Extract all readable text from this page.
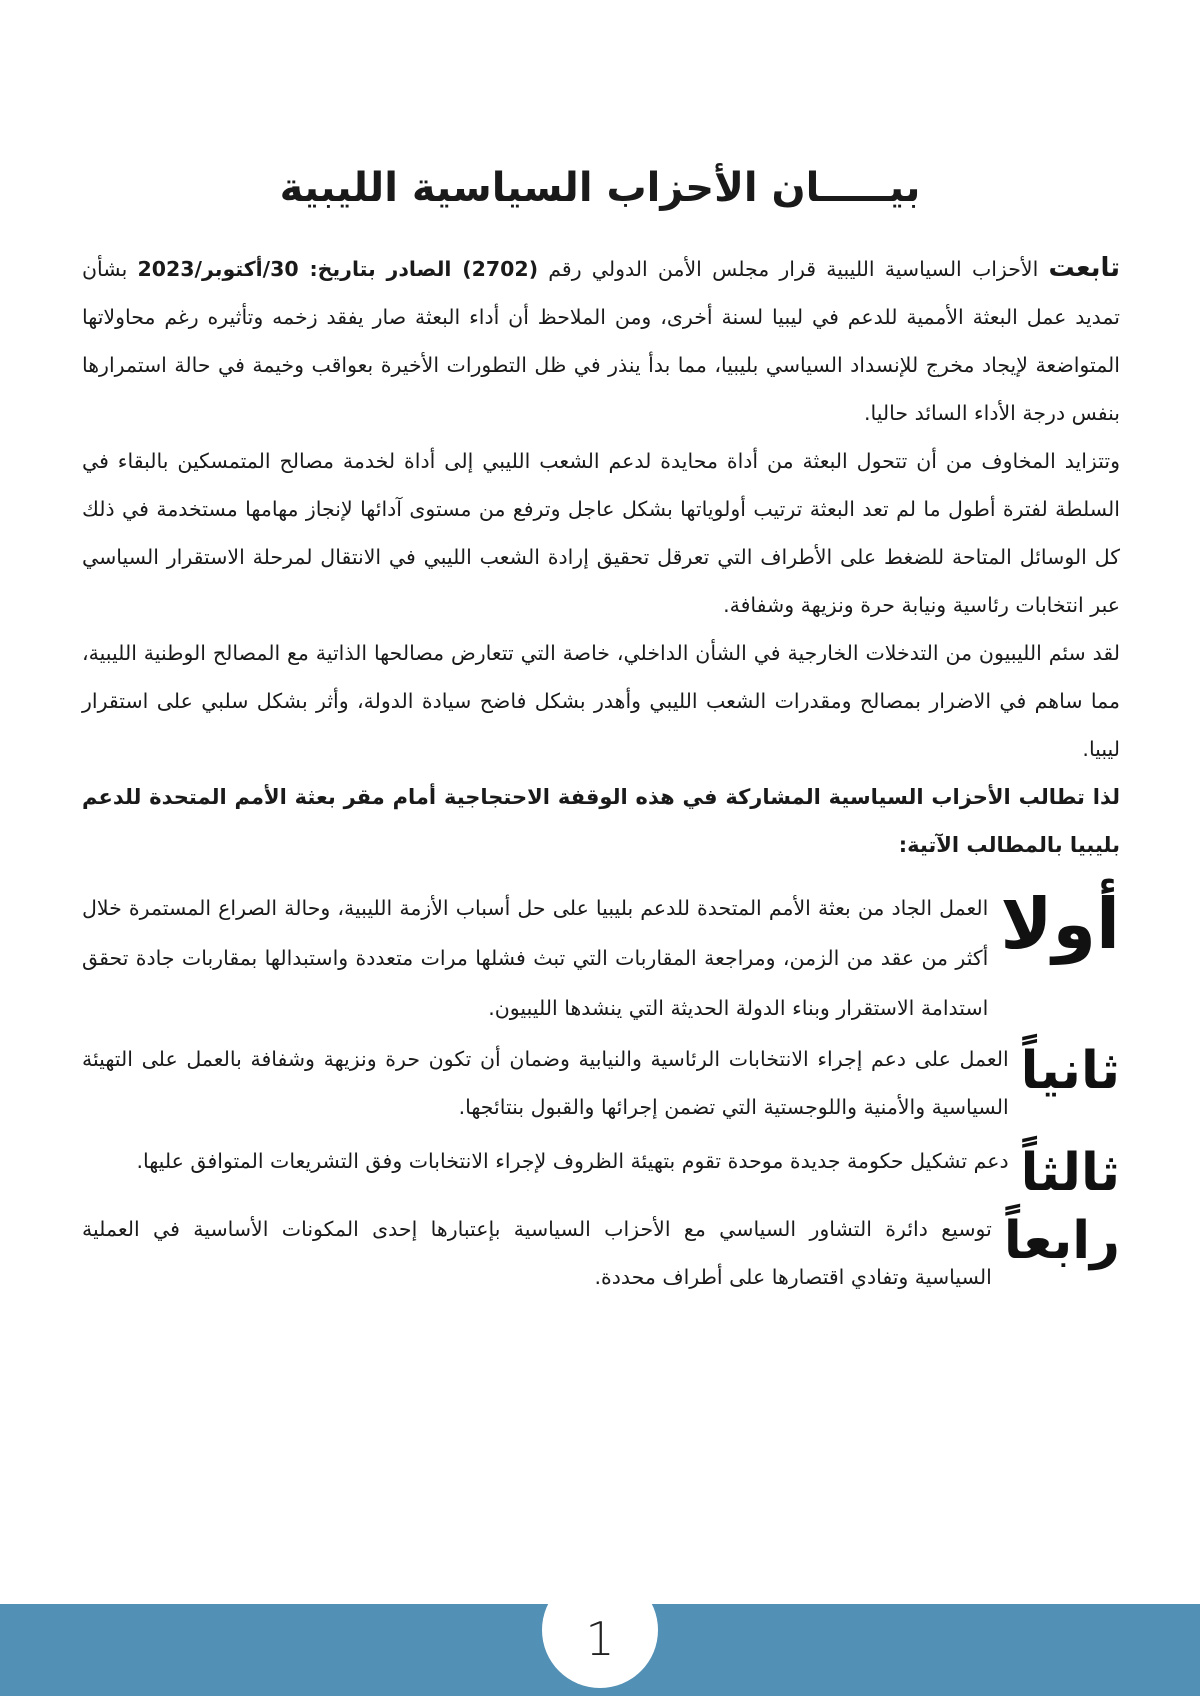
بيـــــان الأحزاب السياسية الليبية

تابعت الأحزاب السياسية الليبية قرار مجلس الأمن الدولي رقم (2702) الصادر بتاريخ: 30/أكتوبر/2023 بشأن تمديد عمل البعثة الأممية للدعم في ليبيا لسنة أخرى، ومن الملاحظ أن أداء البعثة صار يفقد زخمه وتأثيره رغم محاولاتها المتواضعة لإيجاد مخرج للإنسداد السياسي بليبيا، مما بدأ ينذر في ظل التطورات الأخيرة بعواقب وخيمة في حالة استمرارها بنفس درجة الأداء السائد حاليا.

وتتزايد المخاوف من أن تتحول البعثة من أداة محايدة لدعم الشعب الليبي إلى أداة لخدمة مصالح المتمسكين بالبقاء في السلطة لفترة أطول ما لم تعد البعثة ترتيب أولوياتها بشكل عاجل وترفع من مستوى آدائها لإنجاز مهامها مستخدمة في ذلك كل الوسائل المتاحة للضغط على الأطراف التي تعرقل تحقيق إرادة الشعب الليبي في الانتقال لمرحلة الاستقرار السياسي عبر انتخابات رئاسية ونيابة حرة ونزيهة وشفافة.

لقد سئم الليبيون من التدخلات الخارجية في الشأن الداخلي، خاصة التي تتعارض مصالحها الذاتية مع المصالح الوطنية الليبية، مما ساهم في الاضرار بمصالح ومقدرات الشعب الليبي وأهدر بشكل فاضح سيادة الدولة، وأثر بشكل سلبي على استقرار ليبيا.

لذا تطالب الأحزاب السياسية المشاركة في هذه الوقفة الاحتجاجية أمام مقر بعثة الأمم المتحدة للدعم بليبيا بالمطالب الآتية:

أولا
العمل الجاد من بعثة الأمم المتحدة للدعم بليبيا على حل أسباب الأزمة الليبية، وحالة الصراع المستمرة خلال أكثر من عقد من الزمن، ومراجعة المقاربات التي تبث فشلها مرات متعددة واستبدالها بمقاربات جادة تحقق استدامة الاستقرار وبناء الدولة الحديثة التي ينشدها الليبيون.
ثانياً
العمل على دعم إجراء الانتخابات الرئاسية والنيابية وضمان أن تكون حرة ونزيهة وشفافة بالعمل على التهيئة السياسية والأمنية واللوجستية التي تضمن إجرائها والقبول بنتائجها.
ثالثاً
دعم تشكيل حكومة جديدة موحدة تقوم بتهيئة الظروف لإجراء الانتخابات وفق التشريعات المتوافق عليها.
رابعاً
توسيع دائرة التشاور السياسي مع الأحزاب السياسية بإعتبارها إحدى المكونات الأساسية في العملية السياسية وتفادي اقتصارها على أطراف محددة.
1
